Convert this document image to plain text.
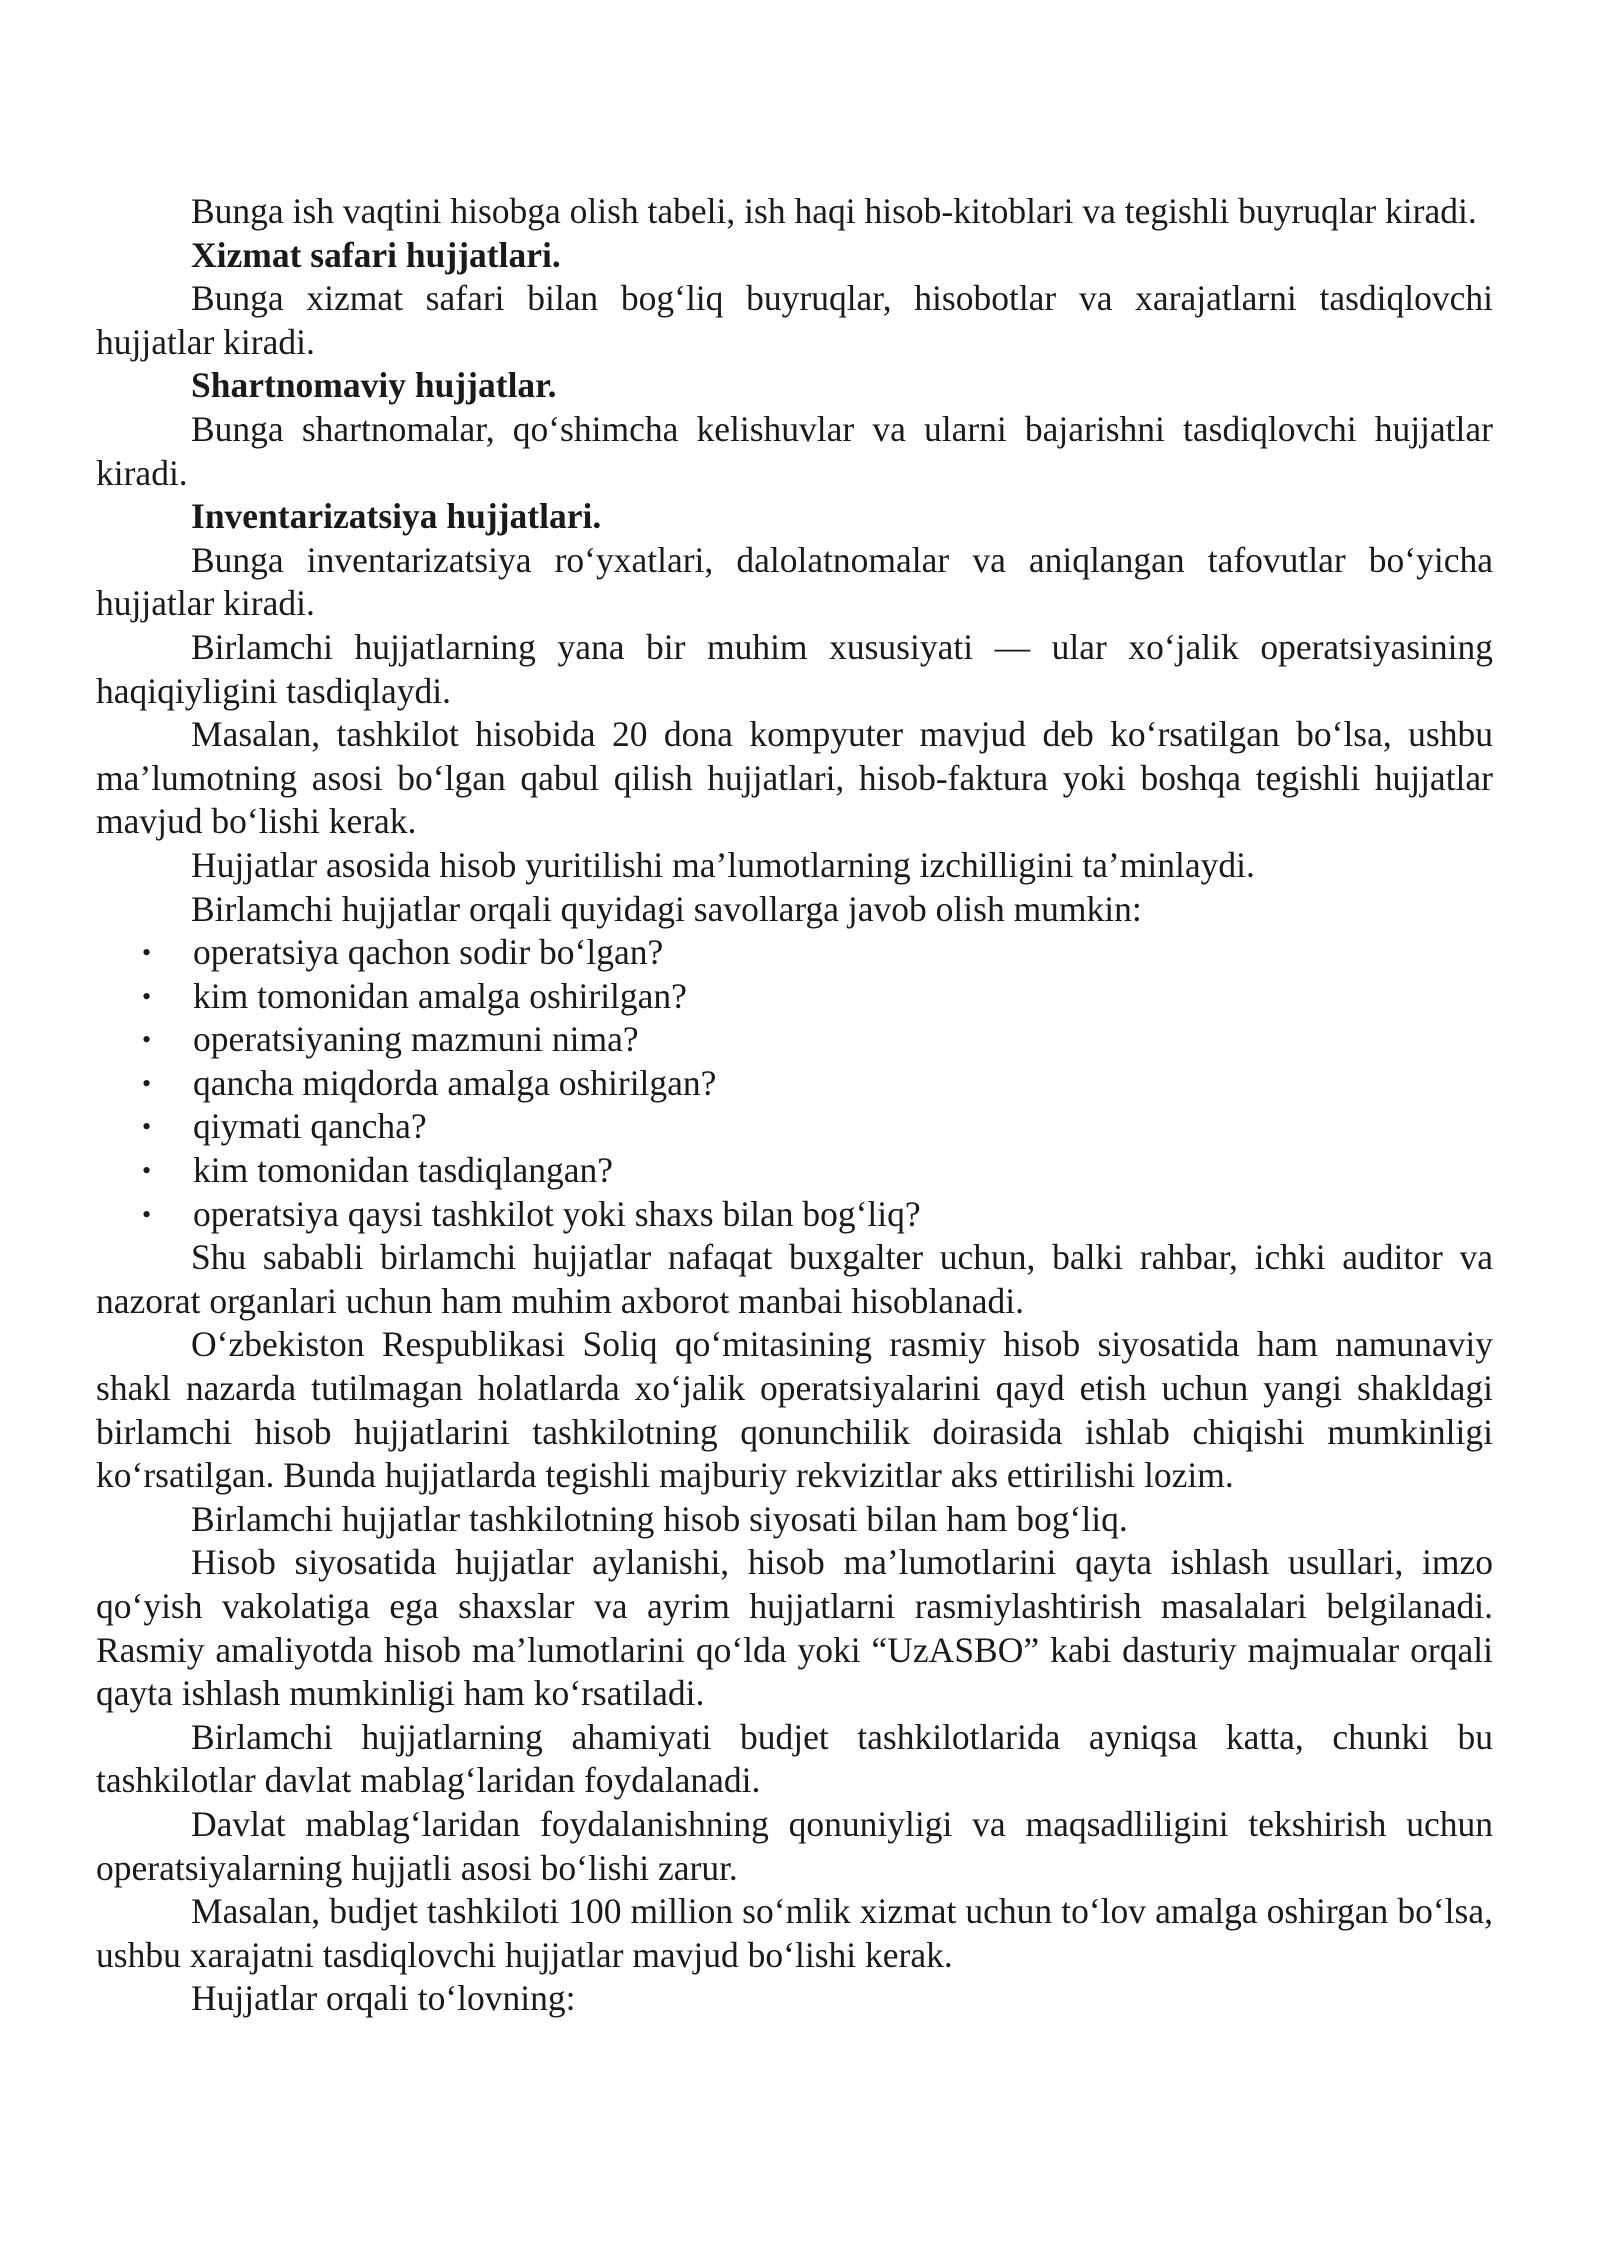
Bunga ish vaqtini hisobga olish tabeli, ish haqi hisob-kitoblari va tegishli buyruqlar kiradi.

Xizmat safari hujjatlari.

Bunga xizmat safari bilan bog‘liq buyruqlar, hisobotlar va xarajatlarni tasdiqlovchi hujjatlar kiradi.

Shartnomaviy hujjatlar.

Bunga shartnomalar, qo‘shimcha kelishuvlar va ularni bajarishni tasdiqlovchi hujjatlar kiradi.

Inventarizatsiya hujjatlari.

Bunga inventarizatsiya ro‘yxatlari, dalolatnomalar va aniqlangan tafovutlar bo‘yicha hujjatlar kiradi.

Birlamchi hujjatlarning yana bir muhim xususiyati — ular xo‘jalik operatsiyasining haqiqiyligini tasdiqlaydi.

Masalan, tashkilot hisobida 20 dona kompyuter mavjud deb ko‘rsatilgan bo‘lsa, ushbu ma’lumotning asosi bo‘lgan qabul qilish hujjatlari, hisob-faktura yoki boshqa tegishli hujjatlar mavjud bo‘lishi kerak.

Hujjatlar asosida hisob yuritilishi ma’lumotlarning izchilligini ta’minlaydi.

Birlamchi hujjatlar orqali quyidagi savollarga javob olish mumkin:

• operatsiya qachon sodir bo‘lgan?
• kim tomonidan amalga oshirilgan?
• operatsiyaning mazmuni nima?
• qancha miqdorda amalga oshirilgan?
• qiymati qancha?
• kim tomonidan tasdiqlangan?
• operatsiya qaysi tashkilot yoki shaxs bilan bog‘liq?

Shu sababli birlamchi hujjatlar nafaqat buxgalter uchun, balki rahbar, ichki auditor va nazorat organlari uchun ham muhim axborot manbai hisoblanadi.

O‘zbekiston Respublikasi Soliq qo‘mitasining rasmiy hisob siyosatida ham namunaviy shakl nazarda tutilmagan holatlarda xo‘jalik operatsiyalarini qayd etish uchun yangi shakldagi birlamchi hisob hujjatlarini tashkilotning qonunchilik doirasida ishlab chiqishi mumkinligi ko‘rsatilgan. Bunda hujjatlarda tegishli majburiy rekvizitlar aks ettirilishi lozim.

Birlamchi hujjatlar tashkilotning hisob siyosati bilan ham bog‘liq.

Hisob siyosatida hujjatlar aylanishi, hisob ma’lumotlarini qayta ishlash usullari, imzo qo‘yish vakolatiga ega shaxslar va ayrim hujjatlarni rasmiylashtirish masalalari belgilanadi. Rasmiy amaliyotda hisob ma’lumotlarini qo‘lda yoki “UzASBO” kabi dasturiy majmualar orqali qayta ishlash mumkinligi ham ko‘rsatiladi.

Birlamchi hujjatlarning ahamiyati budjet tashkilotlarida ayniqsa katta, chunki bu tashkilotlar davlat mablag‘laridan foydalanadi.

Davlat mablag‘laridan foydalanishning qonuniyligi va maqsadliligini tekshirish uchun operatsiyalarning hujjatli asosi bo‘lishi zarur.

Masalan, budjet tashkiloti 100 million so‘mlik xizmat uchun to‘lov amalga oshirgan bo‘lsa, ushbu xarajatni tasdiqlovchi hujjatlar mavjud bo‘lishi kerak.

Hujjatlar orqali to‘lovning:
